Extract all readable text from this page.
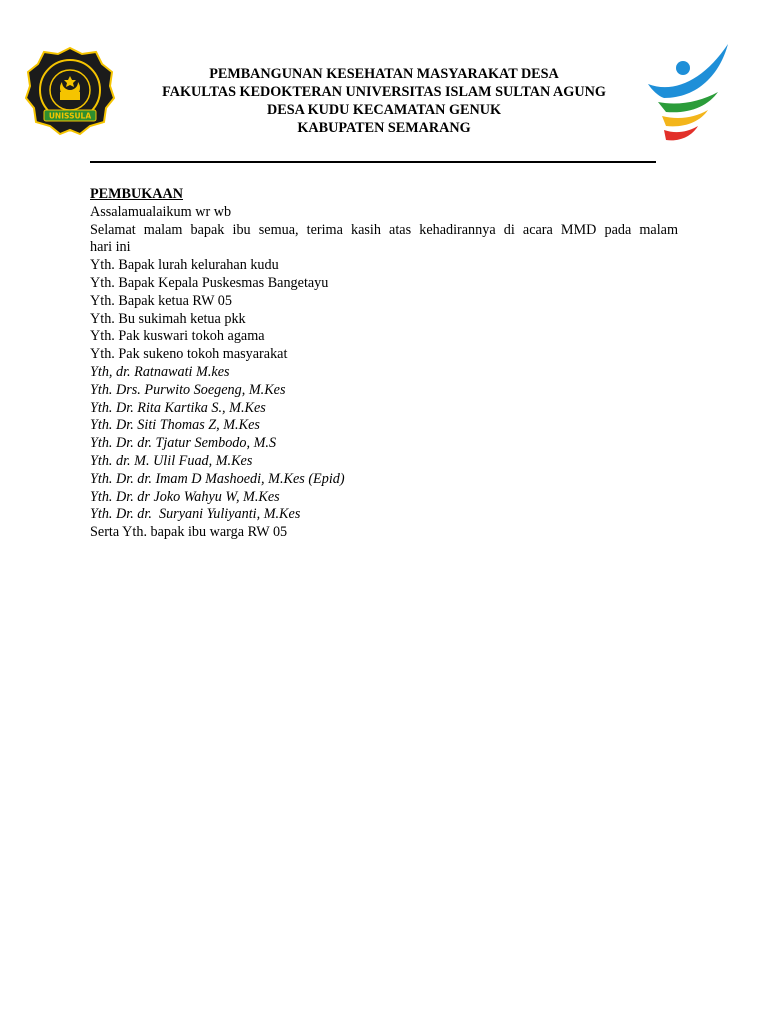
UNISSULA
PEMBANGUNAN KESEHATAN MASYARAKAT DESA
FAKULTAS KEDOKTERAN UNIVERSITAS ISLAM SULTAN AGUNG
DESA KUDU KECAMATAN GENUK
KABUPATEN SEMARANG
PEMBUKAAN
Assalamualaikum wr wb
Selamat malam bapak ibu semua, terima kasih atas kehadirannya di acara MMD pada malam
hari ini
Yth. Bapak lurah kelurahan kudu
Yth. Bapak Kepala Puskesmas Bangetayu
Yth. Bapak ketua RW 05
Yth. Bu sukimah ketua pkk
Yth. Pak kuswari tokoh agama
Yth. Pak sukeno tokoh masyarakat
Yth, dr. Ratnawati M.kes
Yth. Drs. Purwito Soegeng, M.Kes
Yth. Dr. Rita Kartika S., M.Kes
Yth. Dr. Siti Thomas Z, M.Kes
Yth. Dr. dr. Tjatur Sembodo, M.S
Yth. dr. M. Ulil Fuad, M.Kes
Yth. Dr. dr. Imam D Mashoedi, M.Kes (Epid)
Yth. Dr. dr Joko Wahyu W, M.Kes
Yth. Dr. dr.  Suryani Yuliyanti, M.Kes
Serta Yth. bapak ibu warga RW 05
